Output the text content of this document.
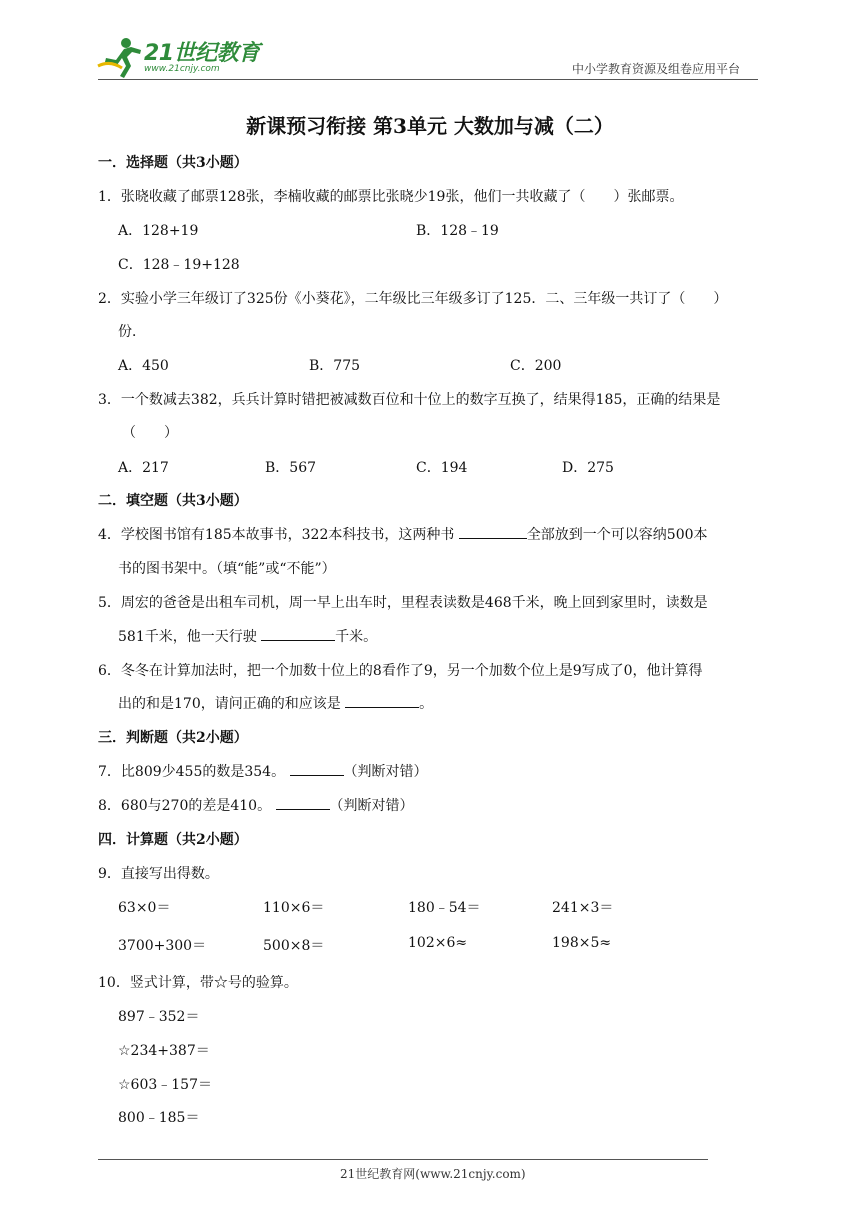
21世纪教育
www.21cnjy.com	中小学教育资源及组卷应用平台
新课预习衔接 第3单元 大数加与减（二）
一．选择题（共3小题）
1．张晓收藏了邮票128张，李楠收藏的邮票比张晓少19张，他们一共收藏了（　　）张邮票。
A．128+19	B．128﹣19
C．128﹣19+128
2．实验小学三年级订了325份《小葵花》，二年级比三年级多订了125．二、三年级一共订了（　　）
份．
A．450	B．775	C．200
3．一个数减去382，兵兵计算时错把被减数百位和十位上的数字互换了，结果得185，正确的结果是
（　　）
A．217	B．567	C．194	D．275
二．填空题（共3小题）
4．学校图书馆有185本故事书，322本科技书，这两种书	全部放到一个可以容纳500本
书的图书架中。（填“能”或“不能”）
5．周宏的爸爸是出租车司机，周一早上出车时，里程表读数是468千米，晚上回到家里时，读数是
581千米，他一天行驶	千米。
6．冬冬在计算加法时，把一个加数十位上的8看作了9，另一个加数个位上是9写成了0，他计算得
出的和是170，请问正确的和应该是	。
三．判断题（共2小题）
7．比809少455的数是354。	（判断对错）
8．680与270的差是410。	（判断对错）
四．计算题（共2小题）
9．直接写出得数。
63×0＝	110×6＝	180﹣54＝	241×3＝
3700+300＝	500×8＝	102×6≈	198×5≈
10．竖式计算，带☆号的验算。
897﹣352＝
☆234+387＝
☆603﹣157＝
800﹣185＝
21世纪教育网(www.21cnjy.com)
